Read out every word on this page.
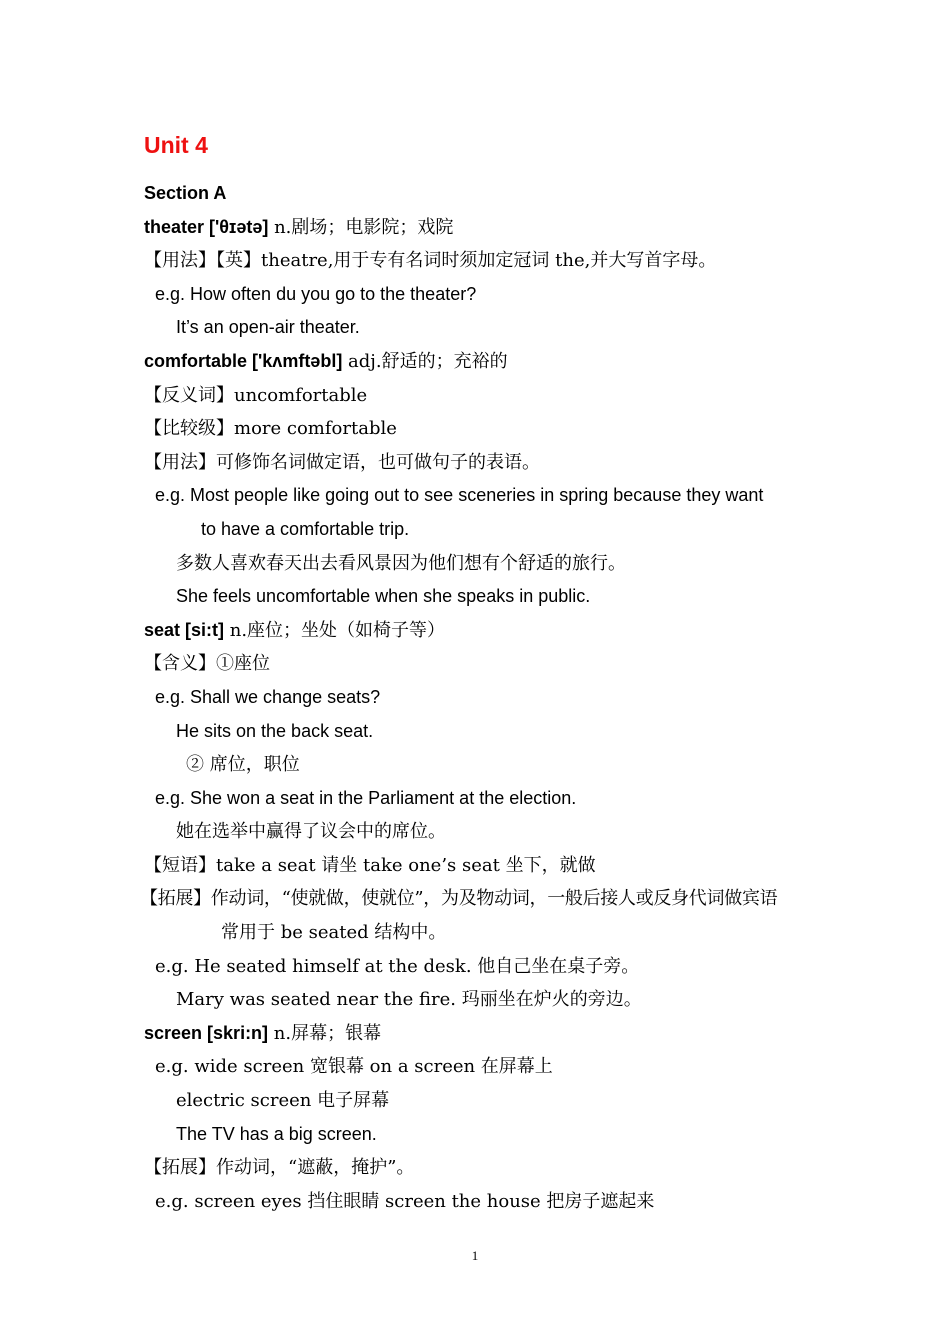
Unit 4
Section A
theater ['θɪətə] n.剧场；电影院；戏院
【用法】【英】theatre,用于专有名词时须加定冠词 the,并大写首字母。
e.g. How often du you go to the theater?
It’s an open-air theater.
comfortable ['kʌmftəbl] adj.舒适的；充裕的
【反义词】uncomfortable
【比较级】more comfortable
【用法】可修饰名词做定语，也可做句子的表语。
e.g. Most people like going out to see sceneries in spring because they want
to have a comfortable trip.
多数人喜欢春天出去看风景因为他们想有个舒适的旅行。
She feels uncomfortable when she speaks in public.
seat [si:t] n.座位；坐处（如椅子等）
【含义】①座位
e.g. Shall we change seats?
He sits on the back seat.
② 席位，职位
e.g. She won a seat in the Parliament at the election.
她在选举中赢得了议会中的席位。
【短语】take a seat 请坐 take one’s seat 坐下，就做
【拓展】作动词，“使就做，使就位”，为及物动词，一般后接人或反身代词做宾语
常用于 be seated 结构中。
e.g. He seated himself at the desk. 他自己坐在桌子旁。
Mary was seated near the fire. 玛丽坐在炉火的旁边。
screen [skri:n] n.屏幕；银幕
e.g. wide screen 宽银幕 on a screen 在屏幕上
electric screen 电子屏幕
The TV has a big screen.
【拓展】作动词，“遮蔽，掩护”。
e.g. screen eyes 挡住眼睛 screen the house 把房子遮起来
1
